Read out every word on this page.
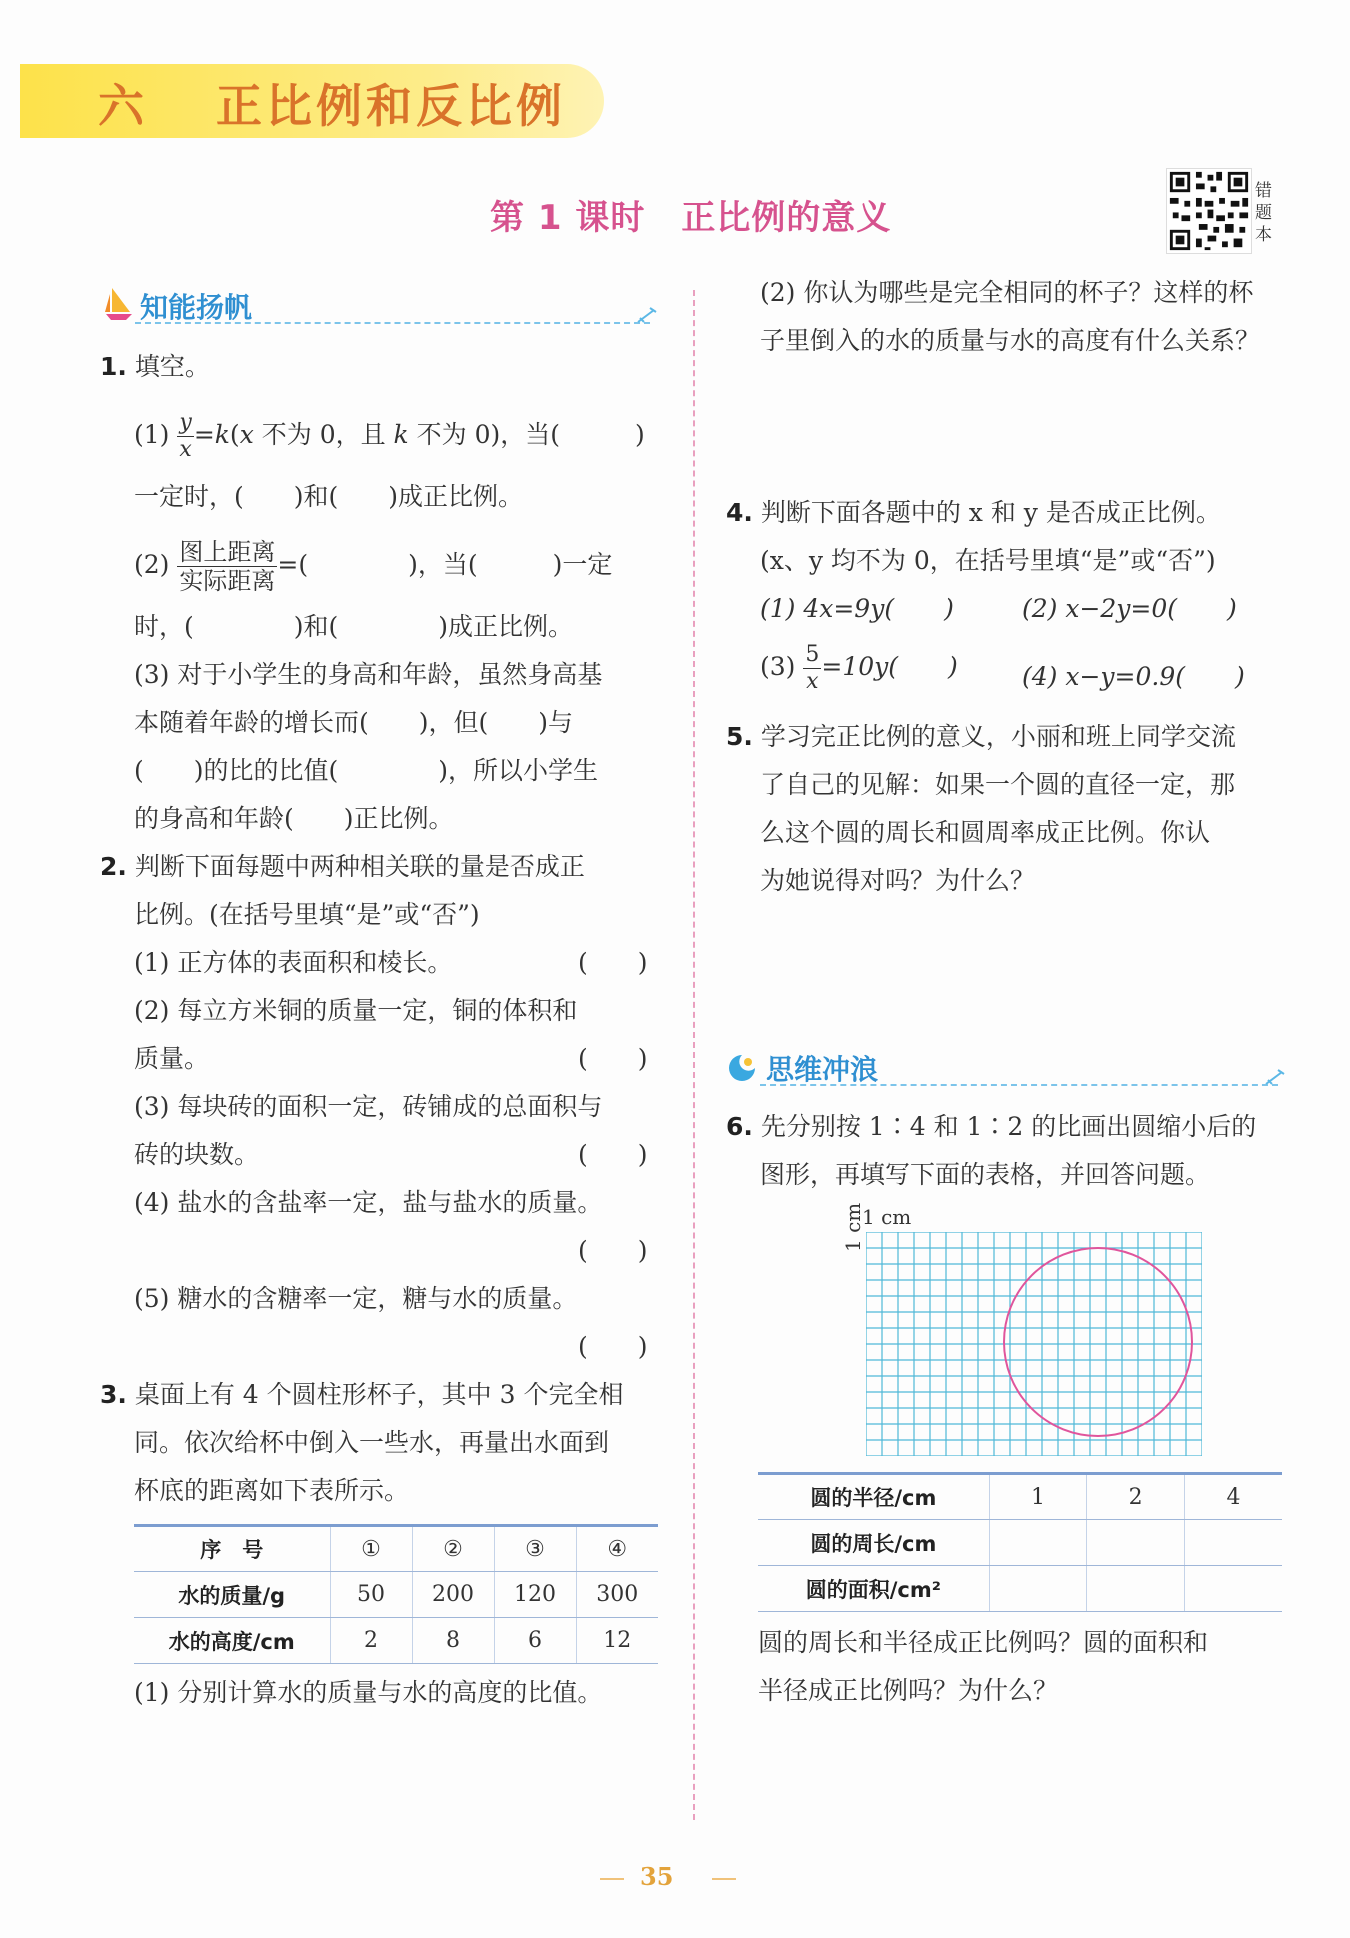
六 正比例和反比例
第 1 课时 正比例的意义
错
题
本
知能扬帆
1. 填空。
$(1) \frac{y}{x} =k(x$ 不为 0，且 k 不为 0)，当(　　　)
一定时，(　　)和(　　)成正比例。
$(2) \frac{\text{图上距离}}{\text{实际距离}}$ =(　　　　)，当(　　　)一定
时，(　　　　)和(　　　　)成正比例。
(3) 对于小学生的身高和年龄，虽然身高基
本随着年龄的增长而(　　)，但(　　)与
(　　)的比的比值(　　　　)，所以小学生
的身高和年龄(　　)正比例。
2. 判断下面每题中两种相关联的量是否成正
比例。(在括号里填“是”或“否”)
(1) 正方体的表面积和棱长。	(　　)
(2) 每立方米铜的质量一定，铜的体积和
质量。	(　　)
(3) 每块砖的面积一定，砖铺成的总面积与
砖的块数。	(　　)
(4) 盐水的含盐率一定，盐与盐水的质量。
(　　)
(5) 糖水的含糖率一定，糖与水的质量。
(　　)
3. 桌面上有 4 个圆柱形杯子，其中 3 个完全相
同。依次给杯中倒入一些水，再量出水面到
杯底的距离如下表所示。
序　号	①	②	③	④
水的质量/g	50	200	120	300
水的高度/cm	2	8	6	12
(1) 分别计算水的质量与水的高度的比值。
(2) 你认为哪些是完全相同的杯子？这样的杯
子里倒入的水的质量与水的高度有什么关系？
4. 判断下面各题中的 x 和 y 是否成正比例。
(x、y 均不为 0，在括号里填“是”或“否”)
(1) 4x=9y(　　)	(2) x−2y=0(　　)
$(3) \frac{5}{x} =10y$(　　)	(4) x−y=0.9(　　)
5. 学习完正比例的意义，小丽和班上同学交流
了自己的见解：如果一个圆的直径一定，那
么这个圆的周长和圆周率成正比例。你认
为她说得对吗？为什么？
思维冲浪
6. 先分别按 1∶4 和 1∶2 的比画出圆缩小后的
图形，再填写下面的表格，并回答问题。
1 cm
1 cm
圆的半径/cm	1	2	4
圆的周长/cm			
圆的面积/cm²			
圆的周长和半径成正比例吗？圆的面积和
半径成正比例吗？为什么？
35
